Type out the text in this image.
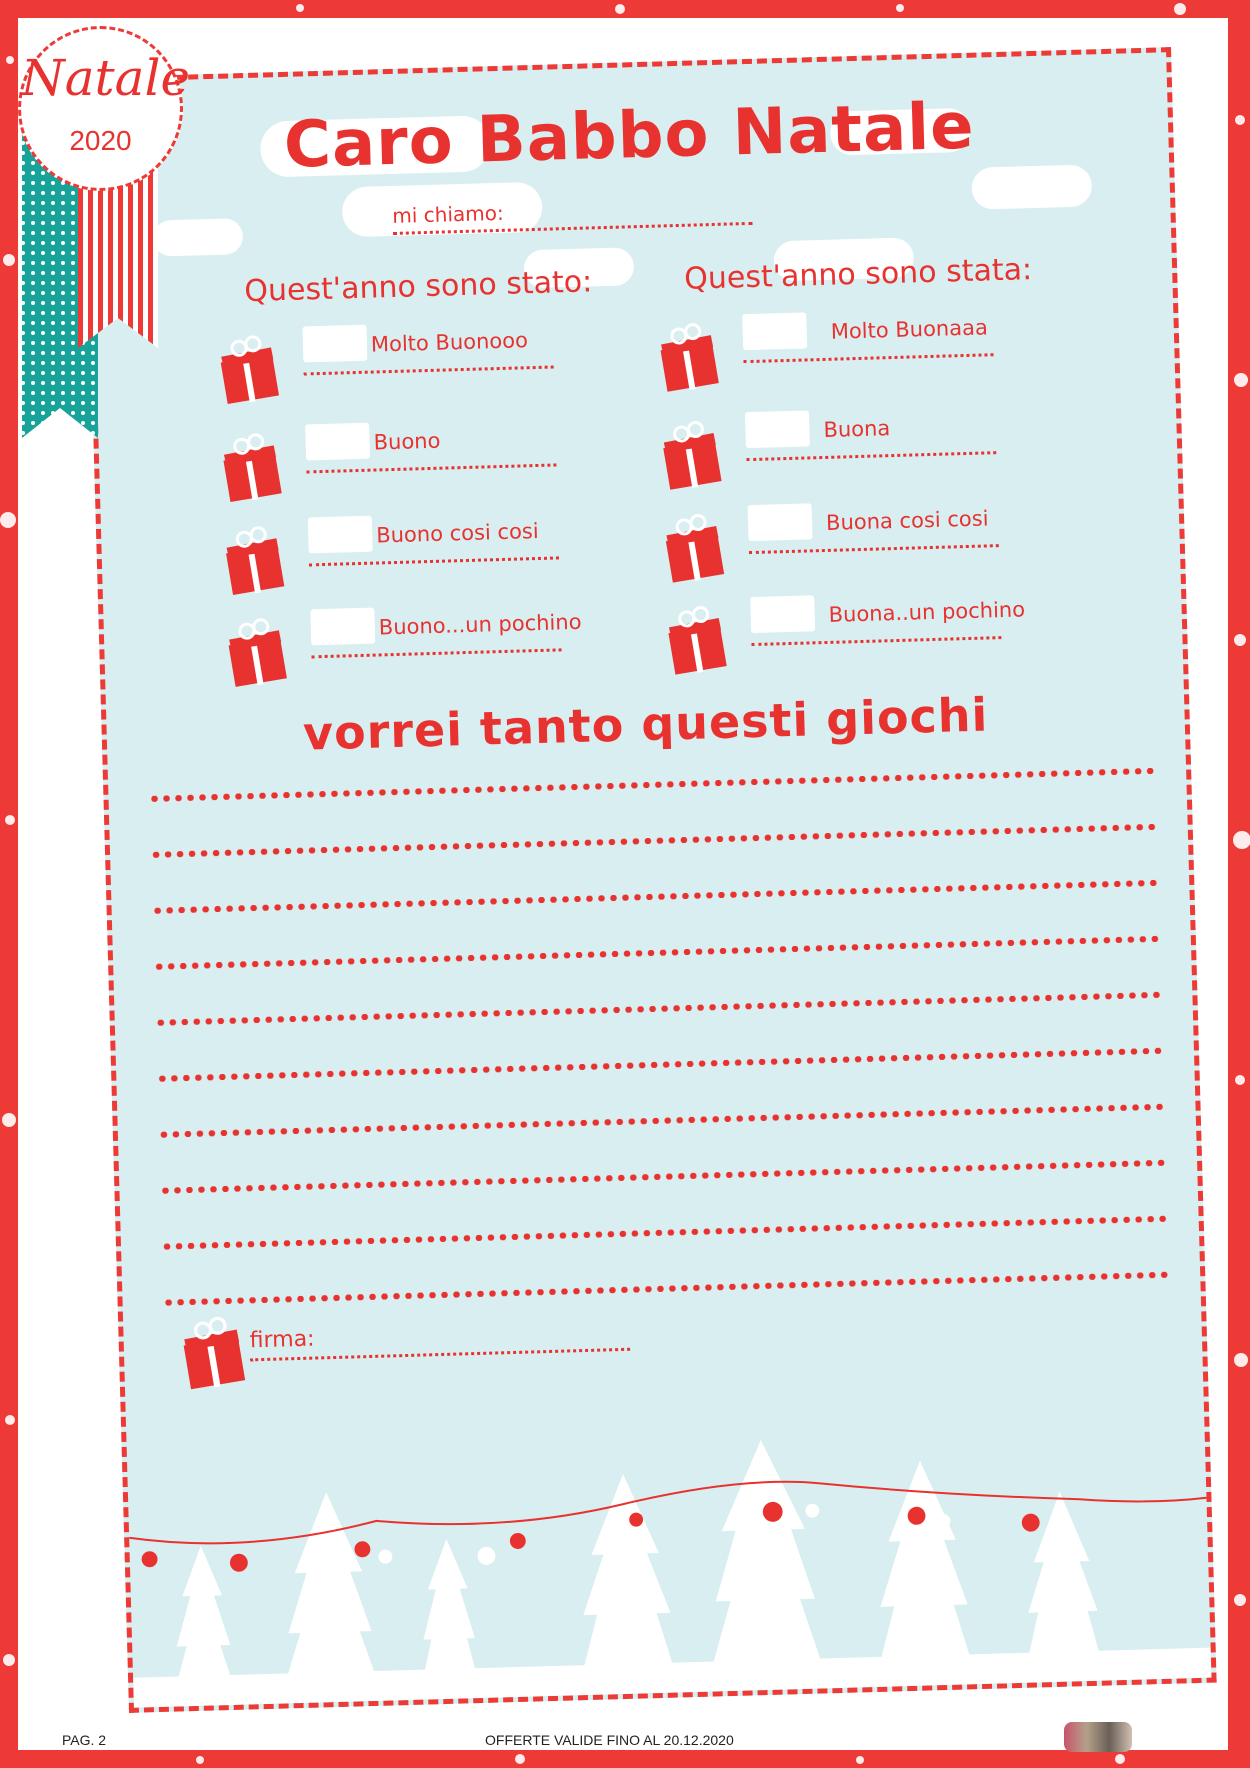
Caro Babbo Natale
mi chiamo:
Quest'anno sono stato:	Quest'anno sono stata:
Molto Buonooo
Buono
Buono cosi cosi
Buono...un pochino
Molto Buonaaa
Buona
Buona cosi cosi
Buona..un pochino
vorrei tanto questi giochi
firma:
Natale
2020
PAG. 2	OFFERTE VALIDE FINO AL 20.12.2020
